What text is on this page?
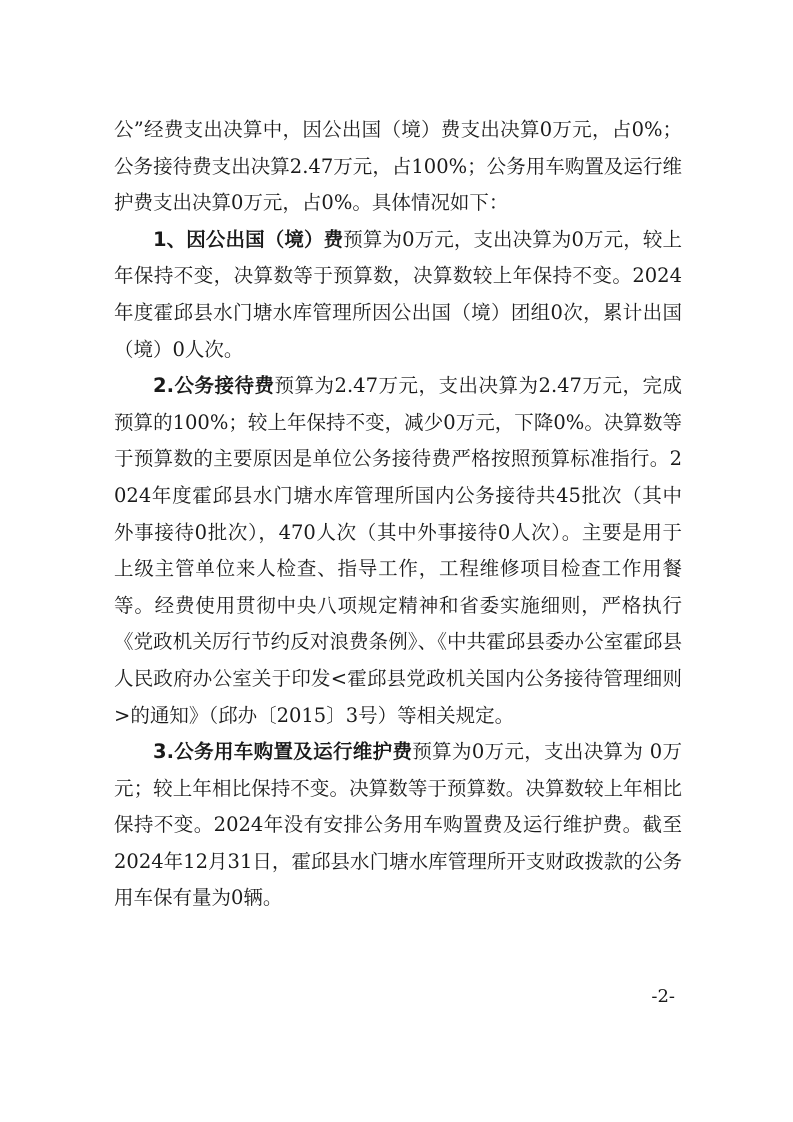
公”经费支出决算中，因公出国（境）费支出决算0万元，占0%；公务接待费支出决算2.47万元，占100%；公务用车购置及运行维护费支出决算0万元，占0%。具体情况如下：

1、因公出国（境）费预算为0万元，支出决算为0万元，较上年保持不变，决算数等于预算数，决算数较上年保持不变。2024年度霍邱县水门塘水库管理所因公出国（境）团组0次，累计出国（境）0人次。

2.公务接待费预算为2.47万元，支出决算为2.47万元，完成预算的100%；较上年保持不变，减少0万元，下降0%。决算数等于预算数的主要原因是单位公务接待费严格按照预算标准指行。2024年度霍邱县水门塘水库管理所国内公务接待共45批次（其中外事接待0批次），470人次（其中外事接待0人次）。主要是用于上级主管单位来人检查、指导工作，工程维修项目检查工作用餐等。经费使用贯彻中央八项规定精神和省委实施细则，严格执行《党政机关厉行节约反对浪费条例》、《中共霍邱县委办公室霍邱县人民政府办公室关于印发<霍邱县党政机关国内公务接待管理细则>的通知》（邱办〔2015〕3号）等相关规定。

3.公务用车购置及运行维护费预算为0万元，支出决算为 0万元；较上年相比保持不变。决算数等于预算数。决算数较上年相比保持不变。2024年没有安排公务用车购置费及运行维护费。截至2024年12月31日，霍邱县水门塘水库管理所开支财政拨款的公务用车保有量为0辆。

-2-
